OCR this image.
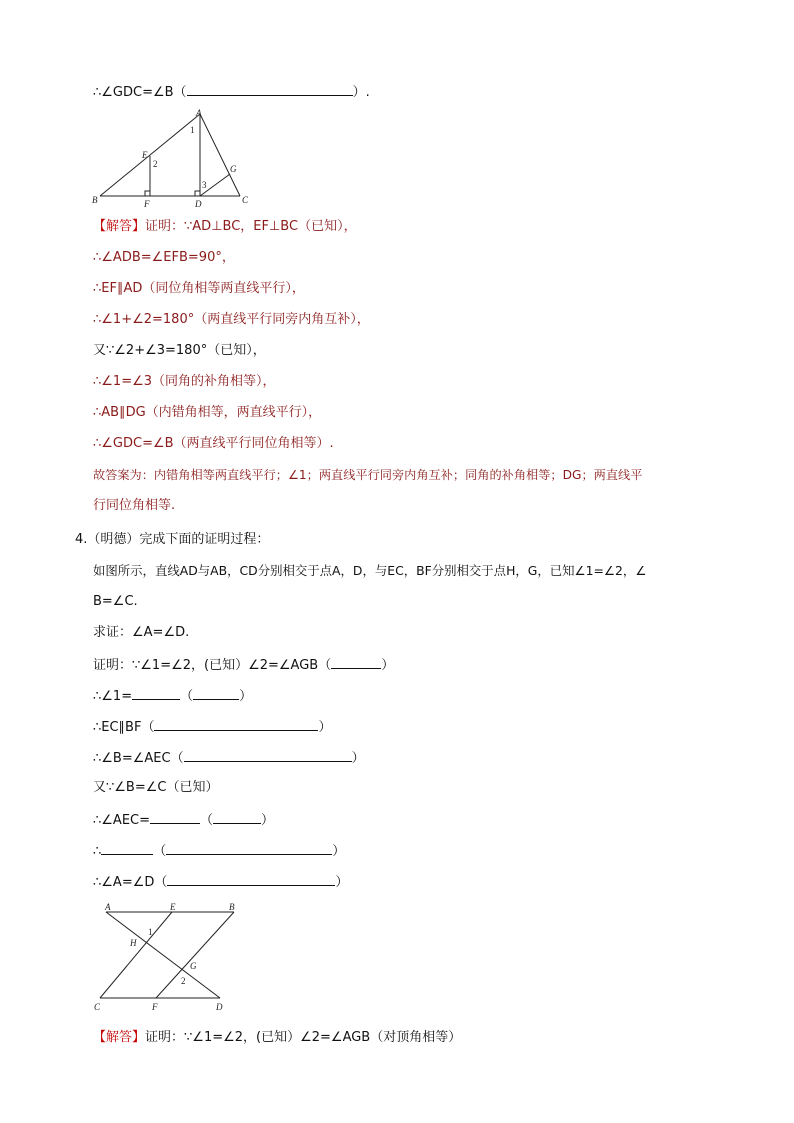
∴∠GDC=∠B（	）.
A
B	C
D
E
F
G
1
2
3
【解答】证明：∵AD⊥BC，EF⊥BC（已知），
∴∠ADB=∠EFB=90°，
∴EF∥AD（同位角相等两直线平行），
∴∠1+∠2=180°（两直线平行同旁内角互补），
又∵∠2+∠3=180°（已知），
∴∠1=∠3（同角的补角相等），
∴AB∥DG（内错角相等，两直线平行），
∴∠GDC=∠B（两直线平行同位角相等）.
故答案为：内错角相等两直线平行；∠1；两直线平行同旁内角互补；同角的补角相等；DG；两直线平
行同位角相等.
4.（明德）完成下面的证明过程：
如图所示，直线AD与AB，CD分别相交于点A，D，与EC，BF分别相交于点H，G，已知∠1=∠2，∠
B=∠C.
求证：∠A=∠D.
证明：∵∠1=∠2，(已知）∠2=∠AGB（	）
∴∠1=	（	）
∴EC∥BF（	）
∴∠B=∠AEC（	）
又∵∠B=∠C（已知）
∴∠AEC=	（	）
∴	（	）
∴∠A=∠D（	）
A	E	B
H
1
G
2
C	F	D
【解答】证明：∵∠1=∠2，(已知）∠2=∠AGB（对顶角相等）
